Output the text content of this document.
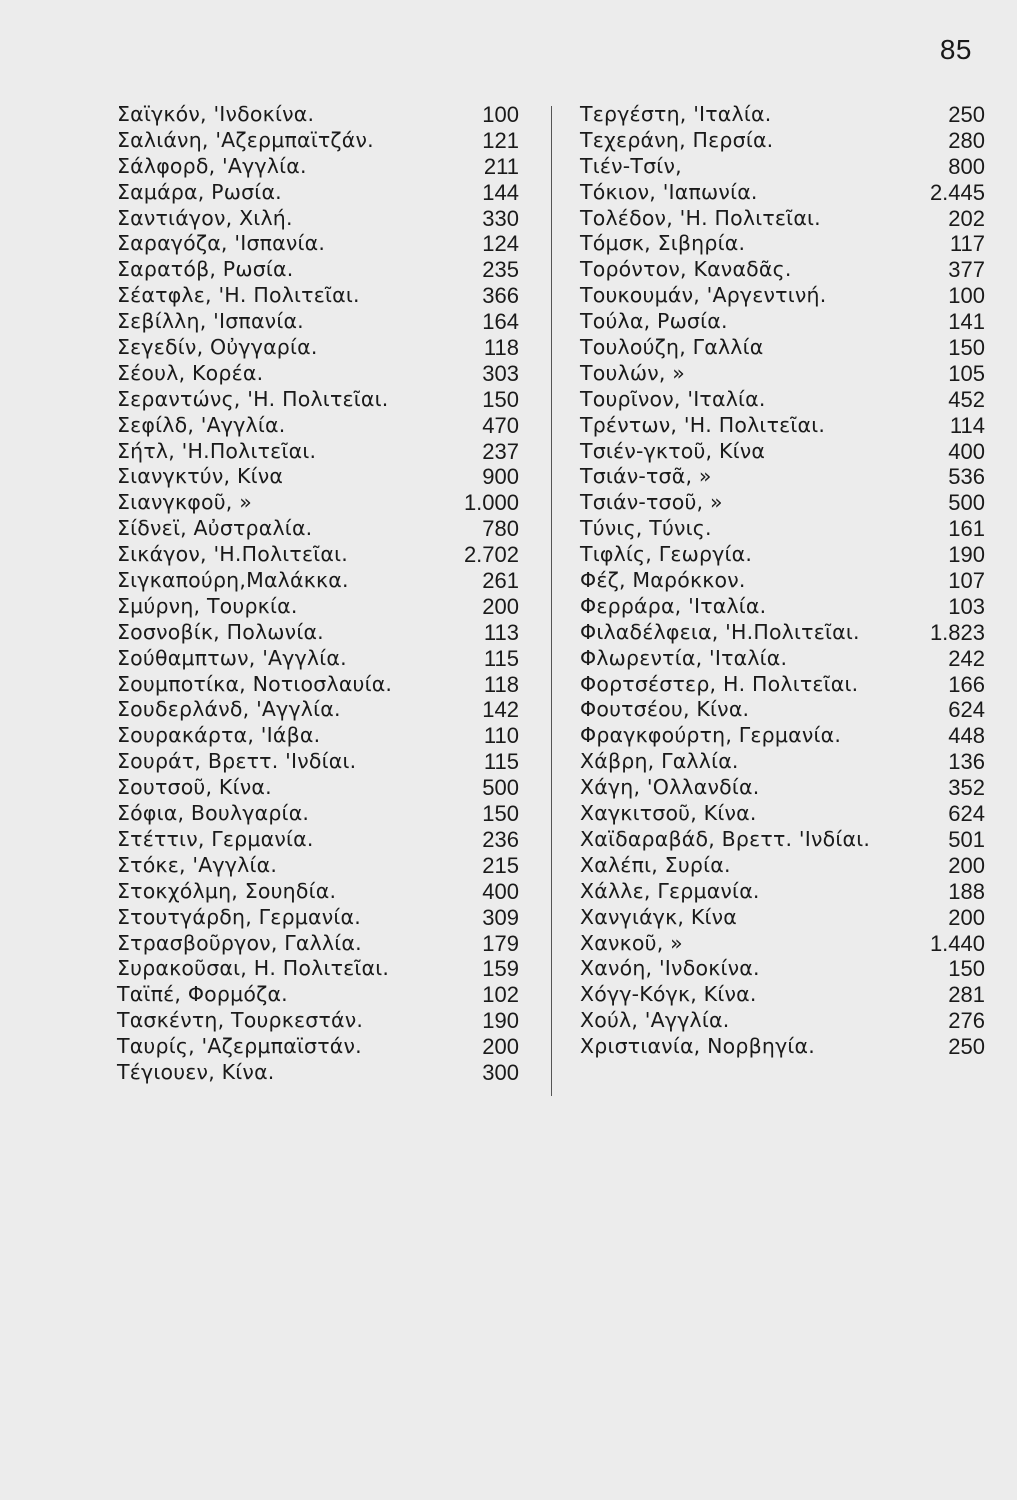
85
Σαϊγκόν, 'Ινδοκίνα.	100
Σαλιάνη, 'Αζερμπαϊτζάν.	121
Σάλφορδ, 'Αγγλία.	211
Σαμάρα, Ρωσία.	144
Σαντιάγον, Χιλή.	330
Σαραγόζα, 'Ισπανία.	124
Σαρατόβ, Ρωσία.	235
Σέατφλε, 'Η. Πολιτεῖαι.	366
Σεβίλλη, 'Ισπανία.	164
Σεγεδίν, Οὐγγαρία.	118
Σέουλ, Κορέα.	303
Σεραντώνς, 'Η. Πολιτεῖαι.	150
Σεφίλδ, 'Αγγλία.	470
Σήτλ, 'Η.Πολιτεῖαι.	237
Σιανγκτύν, Κίνα	900
Σιανγκφοῦ, »	1.000
Σίδνεϊ, Αὐστραλία.	780
Σικάγον, 'Η.Πολιτεῖαι.	2.702
Σιγκαπούρη,Μαλάκκα.	261
Σμύρνη, Τουρκία.	200
Σοσνοβίκ, Πολωνία.	113
Σούθαμπτων, 'Αγγλία.	115
Σουμποτίκα, Νοτιοσλαυία.	118
Σουδερλάνδ, 'Αγγλία.	142
Σουρακάρτα, 'Ιάβα.	110
Σουράτ, Βρεττ. 'Ινδίαι.	115
Σουτσοῦ, Κίνα.	500
Σόφια, Βουλγαρία.	150
Στέττιν, Γερμανία.	236
Στόκε, 'Αγγλία.	215
Στοκχόλμη, Σουηδία.	400
Στουτγάρδη, Γερμανία.	309
Στρασβοῦργον, Γαλλία.	179
Συρακοῦσαι, Η. Πολιτεῖαι.	159
Ταϊπέ, Φορμόζα.	102
Τασκέντη, Τουρκεστάν.	190
Ταυρίς, 'Αζερμπαϊστάν.	200
Τέγιουεν, Κίνα.	300
Τεργέστη, 'Ιταλία.	250
Τεχεράνη, Περσία.	280
Τιέν-Τσίν,	800
Τόκιον, 'Ιαπωνία.	2.445
Τολέδον, 'Η. Πολιτεῖαι.	202
Τόμσκ, Σιβηρία.	117
Τορόντον, Καναδᾶς.	377
Τουκουμάν, 'Αργεντινή.	100
Τούλα, Ρωσία.	141
Τουλούζη, Γαλλία	150
Τουλών, »	105
Τουρῖνον, 'Ιταλία.	452
Τρέντων, 'Η. Πολιτεῖαι.	114
Τσιέν-γκτοῦ, Κίνα	400
Τσιάν-τσᾶ, »	536
Τσιάν-τσοῦ, »	500
Τύνις, Τύνις.	161
Τιφλίς, Γεωργία.	190
Φέζ, Μαρόκκον.	107
Φερράρα, 'Ιταλία.	103
Φιλαδέλφεια, 'Η.Πολιτεῖαι.	1.823
Φλωρεντία, 'Ιταλία.	242
Φορτσέστερ, Η. Πολιτεῖαι.	166
Φουτσέου, Κίνα.	624
Φραγκφούρτη, Γερμανία.	448
Χάβρη, Γαλλία.	136
Χάγη, 'Ολλανδία.	352
Χαγκιτσοῦ, Κίνα.	624
Χαϊδαραβάδ, Βρεττ. 'Ινδίαι.	501
Χαλέπι, Συρία.	200
Χάλλε, Γερμανία.	188
Χανγιάγκ, Κίνα	200
Χανκοῦ, »	1.440
Χανόη, 'Ινδοκίνα.	150
Χόγγ-Κόγκ, Κίνα.	281
Χούλ, 'Αγγλία.	276
Χριστιανία, Νορβηγία.	250
